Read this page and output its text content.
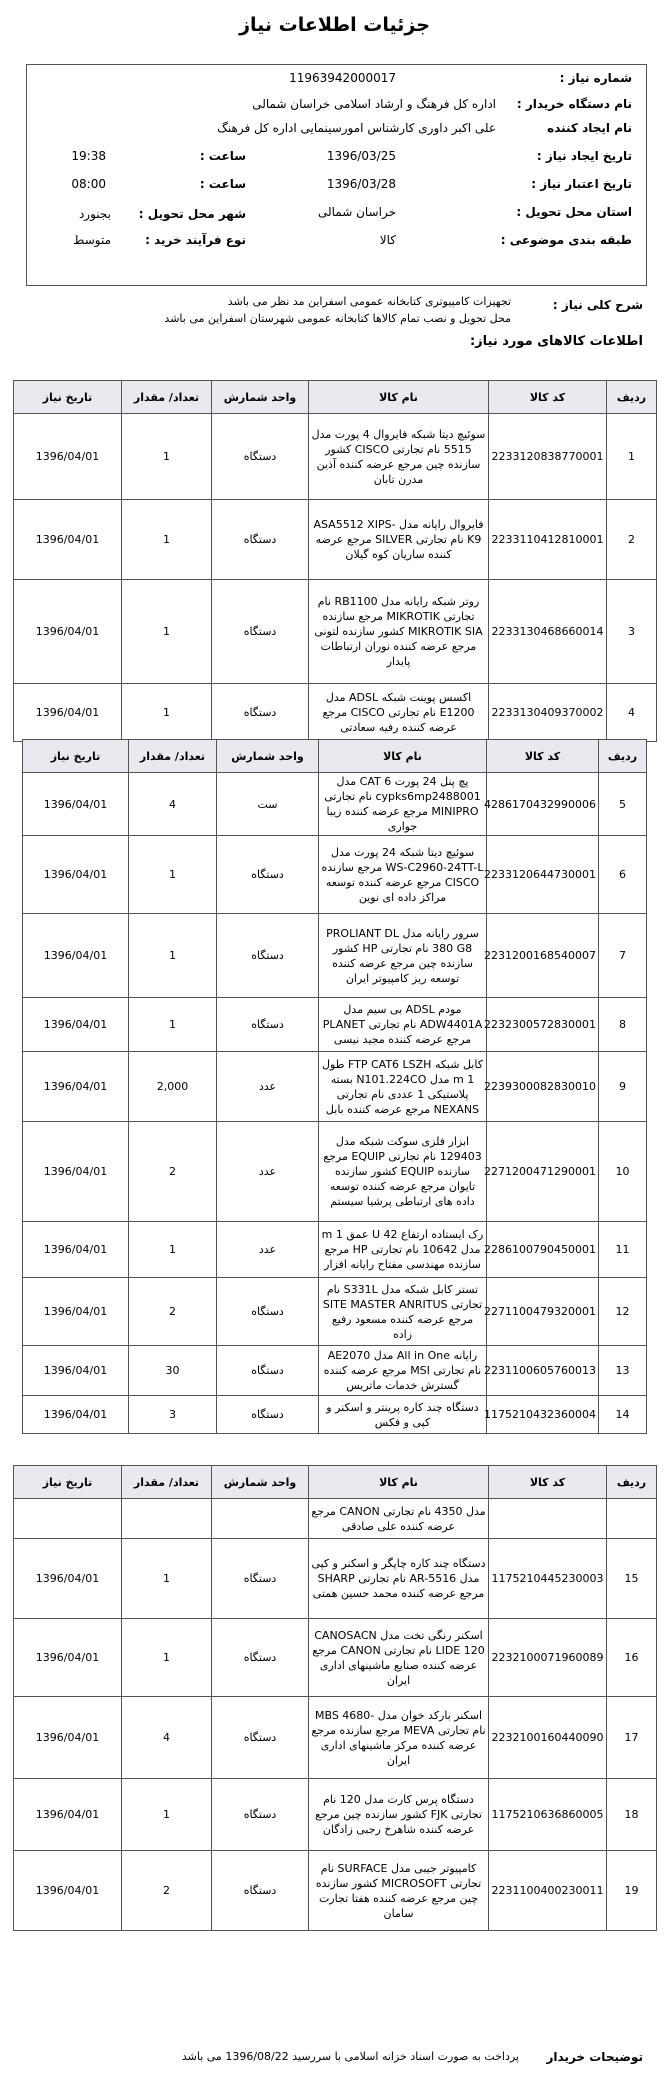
جزئیات اطلاعات نیاز
شماره نیاز :
11963942000017
نام دستگاه خریدار :
اداره کل فرهنگ و ارشاد اسلامی خراسان شمالی
نام ایجاد کننده
علی اکبر داوری کارشناس امورسینمایی اداره کل فرهنگ
تاریخ ایجاد نیاز :
1396/03/25
ساعت :
19:38
تاریخ اعتبار نیاز :
1396/03/28
ساعت :
08:00
استان محل تحویل :
خراسان شمالی
شهر محل تحویل :
بجنورد
طبقه بندی موضوعی :
کالا
نوع فرآیند خرید :
متوسط
شرح کلی نیاز :
تجهیزات کامپیوتری کتابخانه عمومی اسفراین مد نظر می باشد
محل تحویل و نصب تمام کالاها کتابخانه عمومی شهرستان اسفراین می باشد
اطلاعات کالاهای مورد نیاز:
ردیف	کد کالا	نام کالا	واحد شمارش	تعداد/ مقدار	تاریخ نیاز
1	2233120838770001	سوئیچ دیتا شبکه فایروال 4 پورت مدل 5515 نام تجارتی CISCO کشور سازنده چین مرجع عرضه کننده آذین مدرن تابان	دستگاه	1	1396/04/01
2	2233110412810001	فایروال رایانه مدل -ASA5512 XIPS K9 نام تجارتی SILVER مرجع عرضه کننده ساریان کوه گیلان	دستگاه	1	1396/04/01
3	2233130468660014	روتر شبکه رایانه مدل RB1100 نام تجارتی MIKROTIK مرجع سازنده MIKROTIK SIA کشور سازنده لتونی مرجع عرضه کننده نوران ارتباطات پایدار	دستگاه	1	1396/04/01
4	2233130409370002	اکسس پوینت شبکه ADSL مدل E1200 نام تجارتی CISCO مرجع عرضه کننده رفیه سعادتی	دستگاه	1	1396/04/01
ردیف	کد کالا	نام کالا	واحد شمارش	تعداد/ مقدار	تاریخ نیاز
5	4286170432990006	پچ پنل 24 پورت CAT 6 مدل cypks6mp2488001 نام تجارتی MINIPRO مرجع عرضه کننده زیبا جواری	ست	4	1396/04/01
6	2233120644730001	سوئیچ دیتا شبکه 24 پورت مدل WS-C2960-24TT-L مرجع سازنده CISCO مرجع عرضه کننده توسعه مراکز داده ای نوین	دستگاه	1	1396/04/01
7	2231200168540007	سرور رایانه مدل PROLIANT DL 380 G8 نام تجارتی HP کشور سازنده چین مرجع عرضه کننده توسعه ریز کامپیوتر ایران	دستگاه	1	1396/04/01
8	2232300572830001	مودم ADSL بی سیم مدل ADW4401A نام تجارتی PLANET مرجع عرضه کننده مجید نیسی	دستگاه	1	1396/04/01
9	2239300082830010	کابل شبکه FTP CAT6 LSZH طول 1 m مدل N101.224CO بسته پلاستیکی 1 عددی نام تجارتی NEXANS مرجع عرضه کننده بابل	عدد	2,000	1396/04/01
10	2271200471290001	ابزار فلزی سوکت شبکه مدل 129403 نام تجارتی EQUIP مرجع سازنده EQUIP کشور سازنده تایوان مرجع عرضه کننده توسعه داده های ارتباطی پرشیا سیستم	عدد	2	1396/04/01
11	2286100790450001	رک ایستاده ارتفاع 42 U عمق 1 m مدل 10642 نام تجارتی HP مرجع سازنده مهندسی مفتاح رایانه افزار	عدد	1	1396/04/01
12	2271100479320001	تستر کابل شبکه مدل S331L نام تجارتی SITE MASTER ANRITUS مرجع عرضه کننده مسعود رفیع زاده	دستگاه	2	1396/04/01
13	2231100605760013	رایانه All in One مدل AE2070 نام تجارتی MSI مرجع عرضه کننده گسترش خدمات ماتریس	دستگاه	30	1396/04/01
14	1175210432360004	دستگاه چند کاره پرینتر و اسکنر و کپی و فکس	دستگاه	3	1396/04/01
ردیف	کد کالا	نام کالا	واحد شمارش	تعداد/ مقدار	تاریخ نیاز
		مدل 4350 نام تجارتی CANON مرجع عرضه کننده علی صادقی			
15	1175210445230003	دستگاه چند کاره چاپگر و اسکنر و کپی مدل AR-5516 نام تجارتی SHARP مرجع عرضه کننده محمد حسین همتی	دستگاه	1	1396/04/01
16	2232100071960089	اسکنر رنگی تخت مدل CANOSACN LIDE 120 نام تجارتی CANON مرجع عرضه کننده صنایع ماشینهای اداری ایران	دستگاه	1	1396/04/01
17	2232100160440090	اسکنر بارکد خوان مدل -MBS 4680 نام تجارتی MEVA مرجع سازنده مرجع عرضه کننده مرکز ماشینهای اداری ایران	دستگاه	4	1396/04/01
18	1175210636860005	دستگاه پرس کارت مدل 120 نام تجارتی FJK کشور سازنده چین مرجع عرضه کننده شاهرخ رجبی زادگان	دستگاه	1	1396/04/01
19	2231100400230011	کامپیوتر جیبی مدل SURFACE نام تجارتی MICROSOFT کشور سازنده چین مرجع عرضه کننده هفتا تجارت سامان	دستگاه	2	1396/04/01
توضیحات خریدار
پرداخت به صورت اسناد خزانه اسلامی با سررسید 1396/08/22 می باشد
